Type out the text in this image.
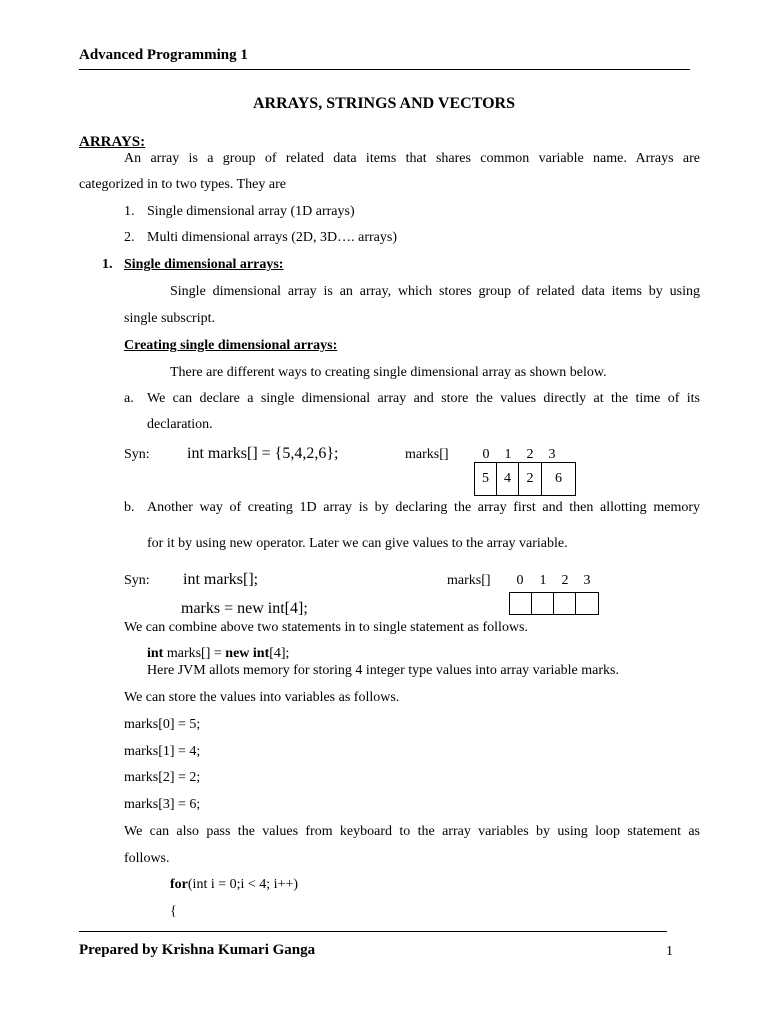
Advanced Programming 1
ARRAYS, STRINGS AND VECTORS
ARRAYS:
An array is a group of related data items that shares common variable name. Arrays are
categorized in to two types. They are
1. Single dimensional array (1D arrays)
2. Multi dimensional arrays (2D, 3D…. arrays)
1. Single dimensional arrays:
Single dimensional array is an array, which stores group of related data items by using
single subscript.
Creating single dimensional arrays:
There are different ways to creating single dimensional array as shown below.
a. We can declare a single dimensional array and store the values directly at the time of its
declaration.
Syn: int marks[] = {5,4,2,6};	marks[] 0 1 2 3
5	4	2	6
b. Another way of creating 1D array is by declaring the array first and then allotting memory
for it by using new operator. Later we can give values to the array variable.
Syn: int marks[];
marks = new int[4];
marks[] 0 1 2 3
We can combine above two statements in to single statement as follows.
int marks[] = new int[4];
Here JVM allots memory for storing 4 integer type values into array variable marks.
We can store the values into variables as follows.
marks[0] = 5;
marks[1] = 4;
marks[2] = 2;
marks[3] = 6;
We can also pass the values from keyboard to the array variables by using loop statement as
follows.
for(int i = 0;i < 4; i++)
{
Prepared by Krishna Kumari Ganga	1
